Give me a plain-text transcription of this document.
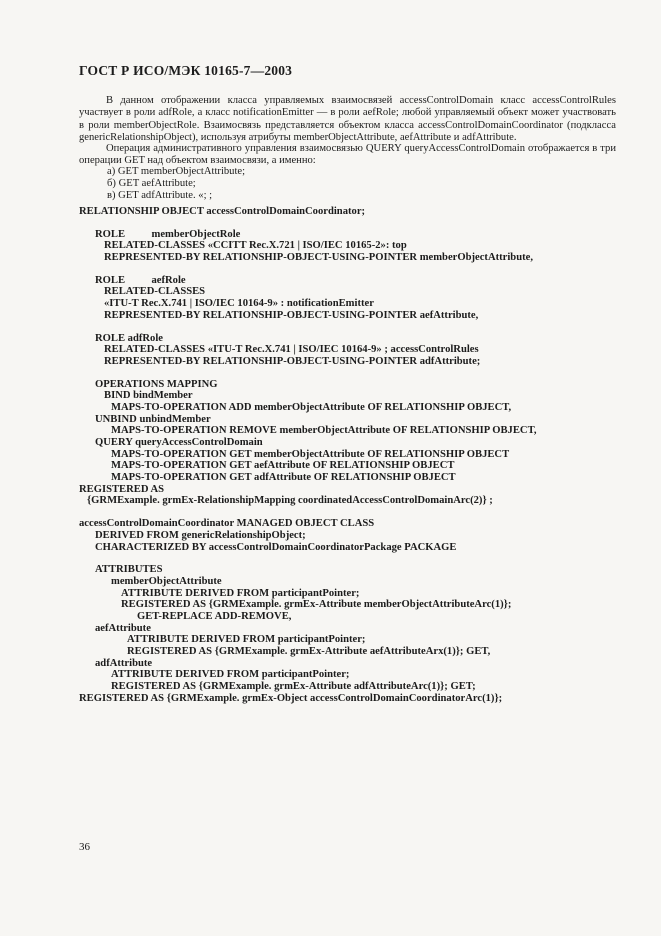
ГОСТ Р ИСО/МЭК 10165-7—2003

В данном отображении класса управляемых взаимосвязей accessControlDomain класс accessControlRules участвует в роли adfRole, а класс notificationEmitter — в роли aefRole; любой управляемый объект может участвовать в роли memberObjectRole. Взаимосвязь представляется объектом класса accessControlDomainCoordinator (подкласса genericRelationshipObject), используя атрибуты memberObjectAttribute, aefAttribute и adfAttribute.

Операция административного управления взаимосвязью QUERY queryAccessControlDomain отображается в три операции GET над объектом взаимосвязи, а именно:

а) GET memberObjectAttribute;
б) GET aefAttribute;
в) GET adfAttribute. «; ;
RELATIONSHIP OBJECT accessControlDomainCoordinator;
ROLE          memberObjectRole
RELATED-CLASSES «CCITT Rec.X.721 | ISO/IEC 10165-2»: top
REPRESENTED-BY RELATIONSHIP-OBJECT-USING-POINTER memberObjectAttribute,
ROLE          aefRole
RELATED-CLASSES
«ITU-T Rec.X.741 | ISO/IEC 10164-9» : notificationEmitter
REPRESENTED-BY RELATIONSHIP-OBJECT-USING-POINTER aefAttribute,
ROLE adfRole
RELATED-CLASSES «ITU-T Rec.X.741 | ISO/IEC 10164-9» ; accessControlRules
REPRESENTED-BY RELATIONSHIP-OBJECT-USING-POINTER adfAttribute;
OPERATIONS MAPPING
BIND bindMember
MAPS-TO-OPERATION ADD memberObjectAttribute OF RELATIONSHIP OBJECT,
UNBIND unbindMember
MAPS-TO-OPERATION REMOVE memberObjectAttribute OF RELATIONSHIP OBJECT,
QUERY queryAccessControlDomain
MAPS-TO-OPERATION GET memberObjectAttribute OF RELATIONSHIP OBJECT
MAPS-TO-OPERATION GET aefAttribute OF RELATIONSHIP OBJECT
MAPS-TO-OPERATION GET adfAttribute OF RELATIONSHIP OBJECT
REGISTERED AS
{GRMExample. grmEx-RelationshipMapping coordinatedAccessControlDomainArc(2)} ;
accessControlDomainCoordinator MANAGED OBJECT CLASS
DERIVED FROM genericRelationshipObject;
CHARACTERIZED BY accessControlDomainCoordinatorPackage PACKAGE
ATTRIBUTES
memberObjectAttribute
ATTRIBUTE DERIVED FROM participantPointer;
REGISTERED AS {GRMExample. grmEx-Attribute memberObjectAttributeArc(1)};
GET-REPLACE ADD-REMOVE,
aefAttribute
ATTRIBUTE DERIVED FROM participantPointer;
REGISTERED AS {GRMExample. grmEx-Attribute aefAttributeArx(1)}; GET,
adfAttribute
ATTRIBUTE DERIVED FROM participantPointer;
REGISTERED AS {GRMExample. grmEx-Attribute adfAttributeArc(1)}; GET;
REGISTERED AS {GRMExample. grmEx-Object accessControlDomainCoordinatorArc(1)};
36
